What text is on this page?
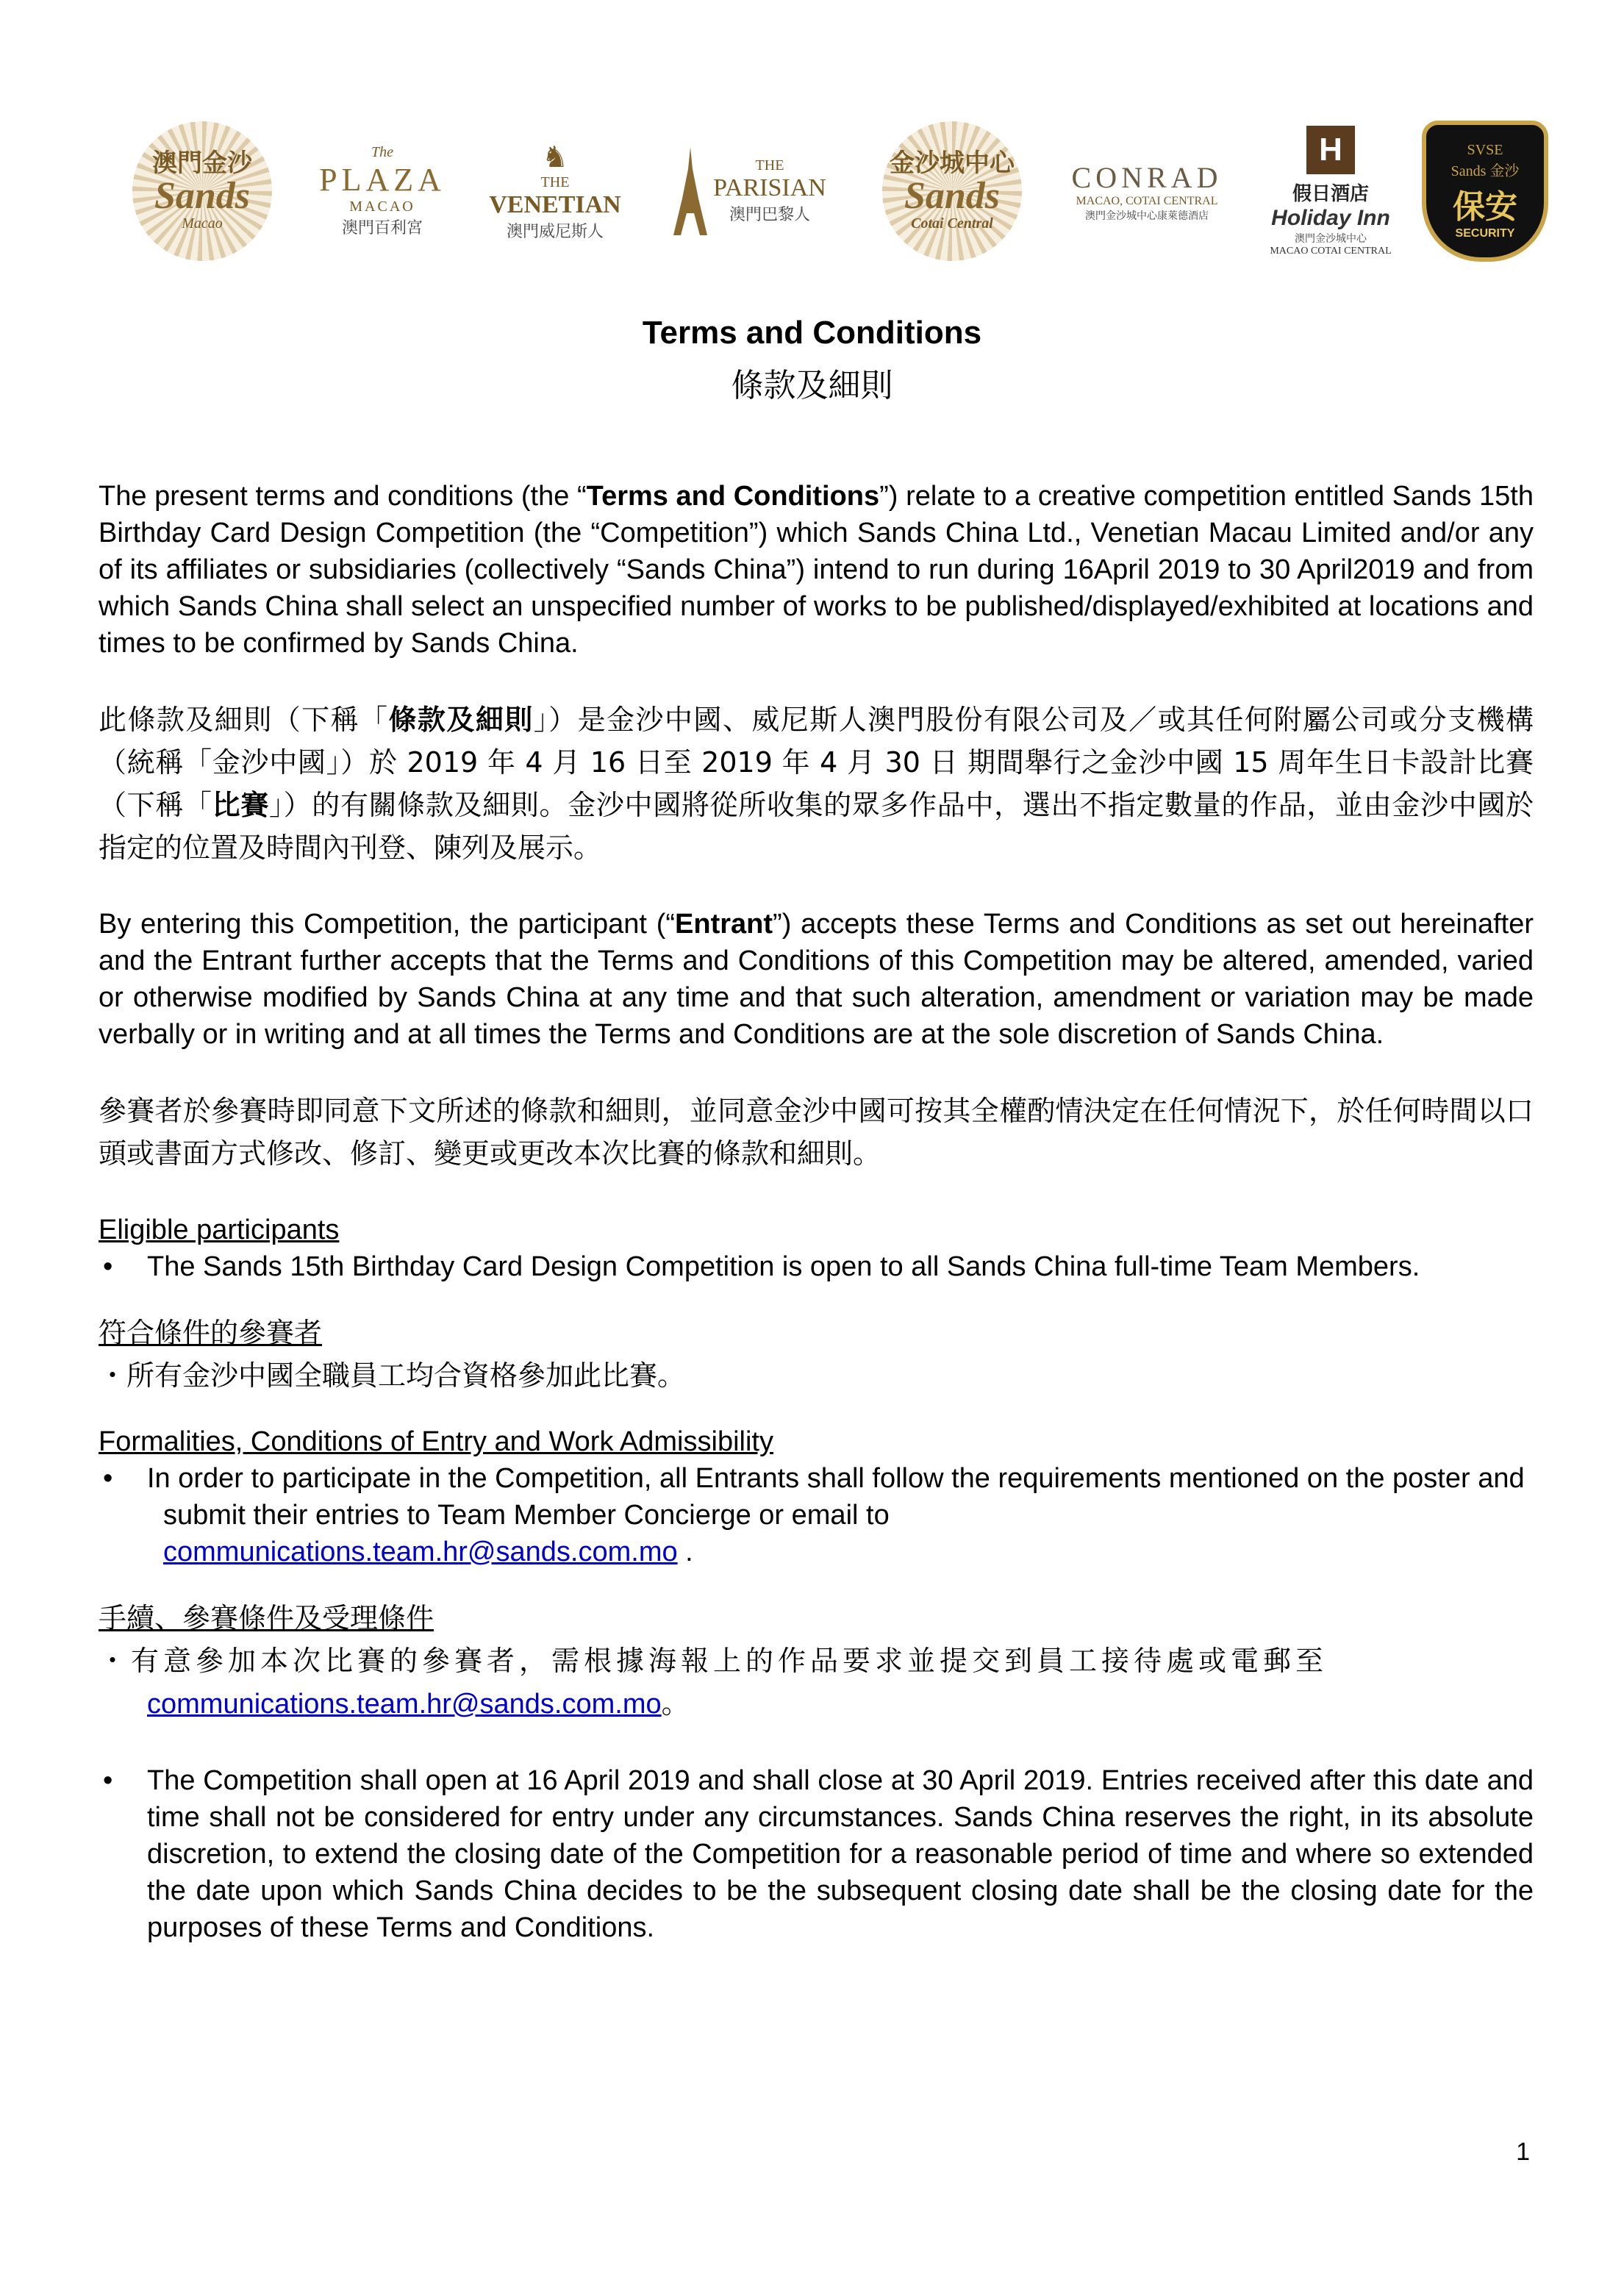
澳門金沙
Sands
Macao
The
PLAZA
MACAO
澳門百利宮
♞
THE
VENETIAN
澳門威尼斯人
THE
PARISIAN
澳門巴黎人
金沙城中心
Sands
Cotai Central
CONRAD
MACAO, COTAI CENTRAL
澳門金沙城中心康萊德酒店
H
假日酒店
Holiday Inn
澳門金沙城中心
MACAO COTAI CENTRAL
SVSE
Sands 金沙
保安
SECURITY
Terms and Conditions
條款及細則

The present terms and conditions (the “Terms and Conditions”) relate to a creative competition entitled Sands 15th Birthday Card Design Competition (the “Competition”) which Sands China Ltd., Venetian Macau Limited and/or any of its affiliates or subsidiaries (collectively “Sands China”) intend to run during 16April 2019 to 30 April2019 and from which Sands China shall select an unspecified number of works to be published/displayed/exhibited at locations and times to be confirmed by Sands China.

此條款及細則（下稱「條款及細則」）是金沙中國、威尼斯人澳門股份有限公司及／或其任何附屬公司或分支機構（統稱「金沙中國」）於 2019 年 4 月 16 日至 2019 年 4 月 30 日 期間舉行之金沙中國 15 周年生日卡設計比賽（下稱「比賽」）的有關條款及細則。金沙中國將從所收集的眾多作品中，選出不指定數量的作品，並由金沙中國於指定的位置及時間內刊登、陳列及展示。

By entering this Competition, the participant (“Entrant”) accepts these Terms and Conditions as set out hereinafter and the Entrant further accepts that the Terms and Conditions of this Competition may be altered, amended, varied or otherwise modified by Sands China at any time and that such alteration, amendment or variation may be made verbally or in writing and at all times the Terms and Conditions are at the sole discretion of Sands China.

參賽者於參賽時即同意下文所述的條款和細則，並同意金沙中國可按其全權酌情決定在任何情況下，於任何時間以口頭或書面方式修改、修訂、變更或更改本次比賽的條款和細則。

Eligible participants

•	The Sands 15th Birthday Card Design Competition is open to all Sands China full-time Team Members.

符合條件的參賽者

・所有金沙中國全職員工均合資格參加此比賽。

Formalities, Conditions of Entry and Work Admissibility

•	In order to participate in the Competition, all Entrants shall follow the requirements mentioned on the poster and submit their entries to Team Member Concierge or email to
communications.team.hr@sands.com.mo .

手續、參賽條件及受理條件

・有意參加本次比賽的參賽者，需根據海報上的作品要求並提交到員工接待處或電郵至

communications.team.hr@sands.com.mo。

•	The Competition shall open at 16 April 2019 and shall close at 30 April 2019. Entries received after this date and time shall not be considered for entry under any circumstances. Sands China reserves the right, in its absolute discretion, to extend the closing date of the Competition for a reasonable period of time and where so extended the date upon which Sands China decides to be the subsequent closing date shall be the closing date for the purposes of these Terms and Conditions.
1
